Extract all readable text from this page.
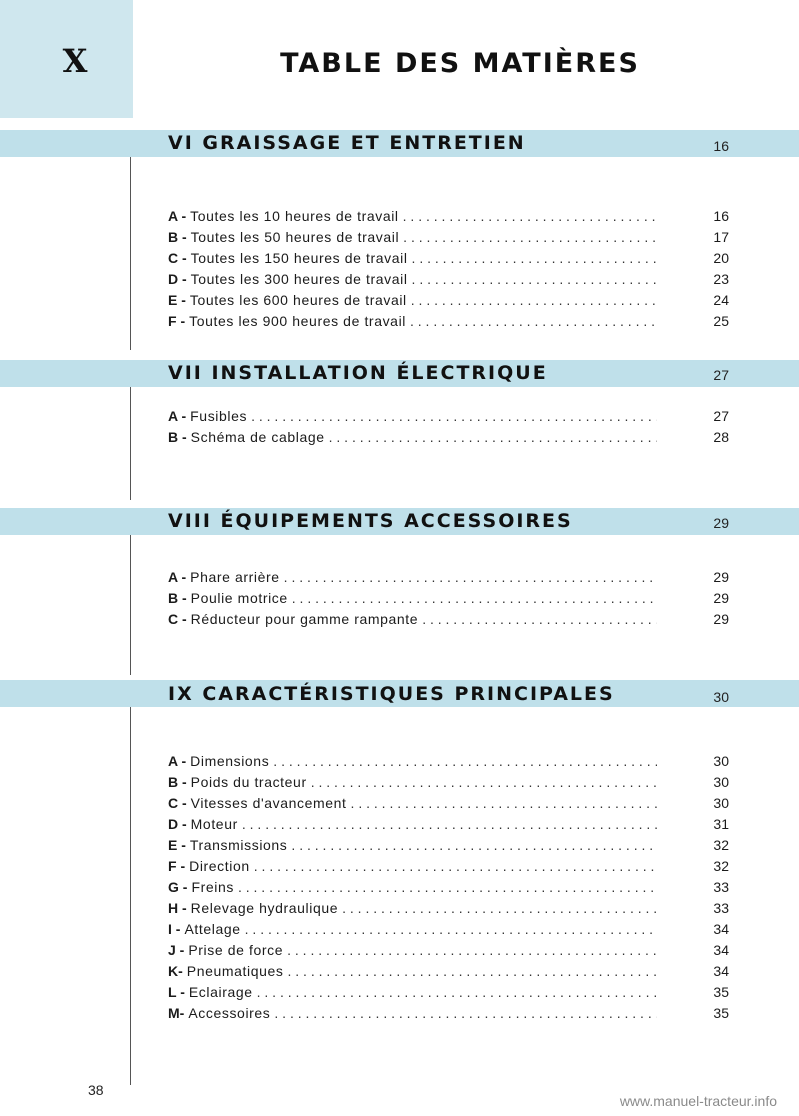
X	TABLE DES MATIÈRES
VI GRAISSAGE ET ENTRETIEN	16
A - Toutes les 10 heures de travail . . .	16
B - Toutes les 50 heures de travail . . .	17
C - Toutes les 150 heures de travail . . .	20
D - Toutes les 300 heures de travail . . .	23
E - Toutes les 600 heures de travail . . .	24
F - Toutes les 900 heures de travail . . .	25
VII INSTALLATION ÉLECTRIQUE	27
A - Fusibles . . .	27
B - Schéma de cablage . . .	28
VIII ÉQUIPEMENTS ACCESSOIRES	29
A - Phare arrière . . .	29
B - Poulie motrice . . .	29
C - Réducteur pour gamme rampante . . .	29
IX CARACTÉRISTIQUES PRINCIPALES	30
A - Dimensions . . .	30
B - Poids du tracteur . . .	30
C - Vitesses d'avancement . . .	30
D - Moteur . . .	31
E - Transmissions . . .	32
F - Direction . . .	32
G - Freins . . .	33
H - Relevage hydraulique . . .	33
I - Attelage . . .	34
J - Prise de force . . .	34
K- Pneumatiques . . .	34
L - Eclairage . . .	35
M- Accessoires . . .	35
38
www.manuel-tracteur.info
